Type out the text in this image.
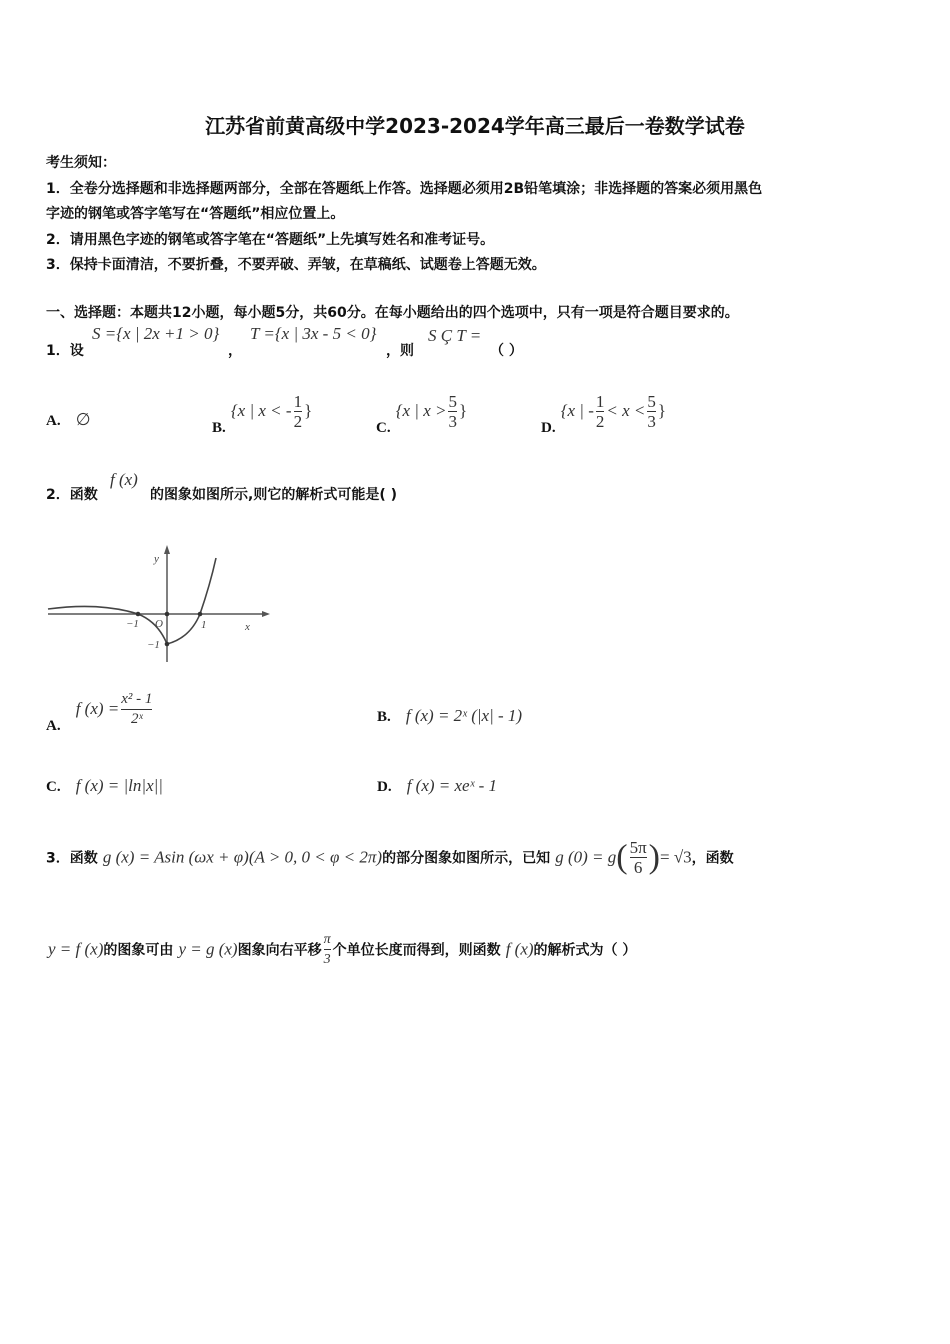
江苏省前黄高级中学2023-2024学年高三最后一卷数学试卷
考生须知：
1．全卷分选择题和非选择题两部分，全部在答题纸上作答。选择题必须用2B铅笔填涂；非选择题的答案必须用黑色
字迹的钢笔或答字笔写在“答题纸”相应位置上。
2．请用黑色字迹的钢笔或答字笔在“答题纸”上先填写姓名和准考证号。
3．保持卡面清洁，不要折叠，不要弄破、弄皱，在草稿纸、试题卷上答题无效。
一、选择题：本题共12小题，每小题5分，共60分。在每小题给出的四个选项中，只有一项是符合题目要求的。
1．设
S ={x | 2x +1 > 0}
，
T ={x | 3x - 5 < 0}
，则
S Ç T =
（ ）
A. ∅	B. {x | x < - $\frac{1}{2}$ }
C. {x | $x > \frac{5}{3}$ }
D. {x | - $\frac{1}{2} < x < \frac{5}{3}$ }
2．函数
f (x)
的图象如图所示,则它的解析式可能是( )
y
x
O
−1	1
−1
A. f $(x) = \frac{\text{x² - 1}}{\text{2ˣ}}$	B. f (x) = 2ˣ (|x| - 1)
C. f (x) = |ln|x||	D. f (x) = xeˣ - 1
3．函数 g (x) = Asin (ωx + φ)(A > 0, 0 < φ < 2π)的部分图象如图所示，已知 g $(0) = g( \frac{5\pi}{6}$ )= √3，函数
y = f (x)的图象可由 y = g (x)图象向右平移 $\frac{\pi}{3}$ 个单位长度而得到，则函数 f (x)的解析式为（ ）
